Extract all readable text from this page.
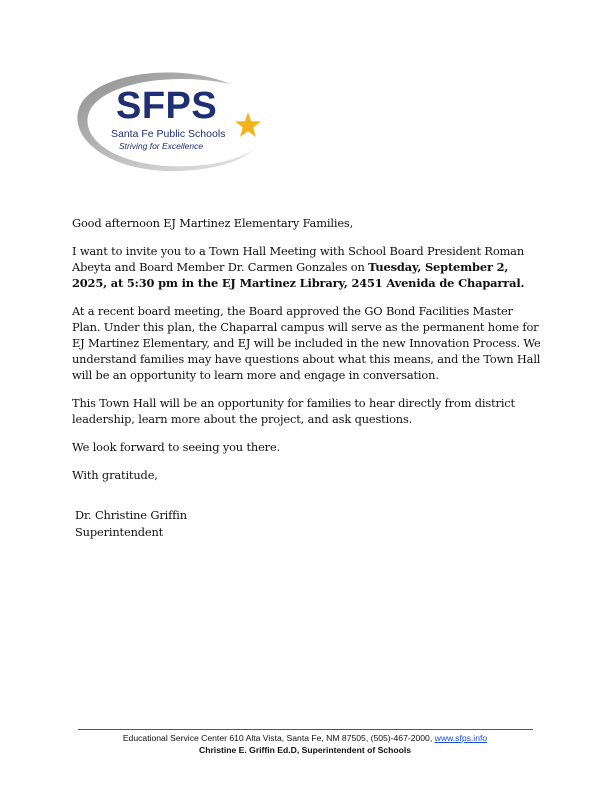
SFPS
Santa Fe Public Schools
Striving for Excellence

Good afternoon EJ Martinez Elementary Families,

I want to invite you to a Town Hall Meeting with School Board President Roman Abeyta and Board Member Dr. Carmen Gonzales on Tuesday, September 2, 2025, at 5:30 pm in the EJ Martinez Library, 2451 Avenida de Chaparral.

At a recent board meeting, the Board approved the GO Bond Facilities Master Plan. Under this plan, the Chaparral campus will serve as the permanent home for EJ Martinez Elementary, and EJ will be included in the new Innovation Process. We understand families may have questions about what this means, and the Town Hall will be an opportunity to learn more and engage in conversation.

This Town Hall will be an opportunity for families to hear directly from district leadership, learn more about the project, and ask questions.

We look forward to seeing you there.

With gratitude,

Dr. Christine Griffin
Superintendent
Educational Service Center 610 Alta Vista, Santa Fe, NM 87505, (505)-467-2000, www.sfps.info
Christine E. Griffin Ed.D, Superintendent of Schools
